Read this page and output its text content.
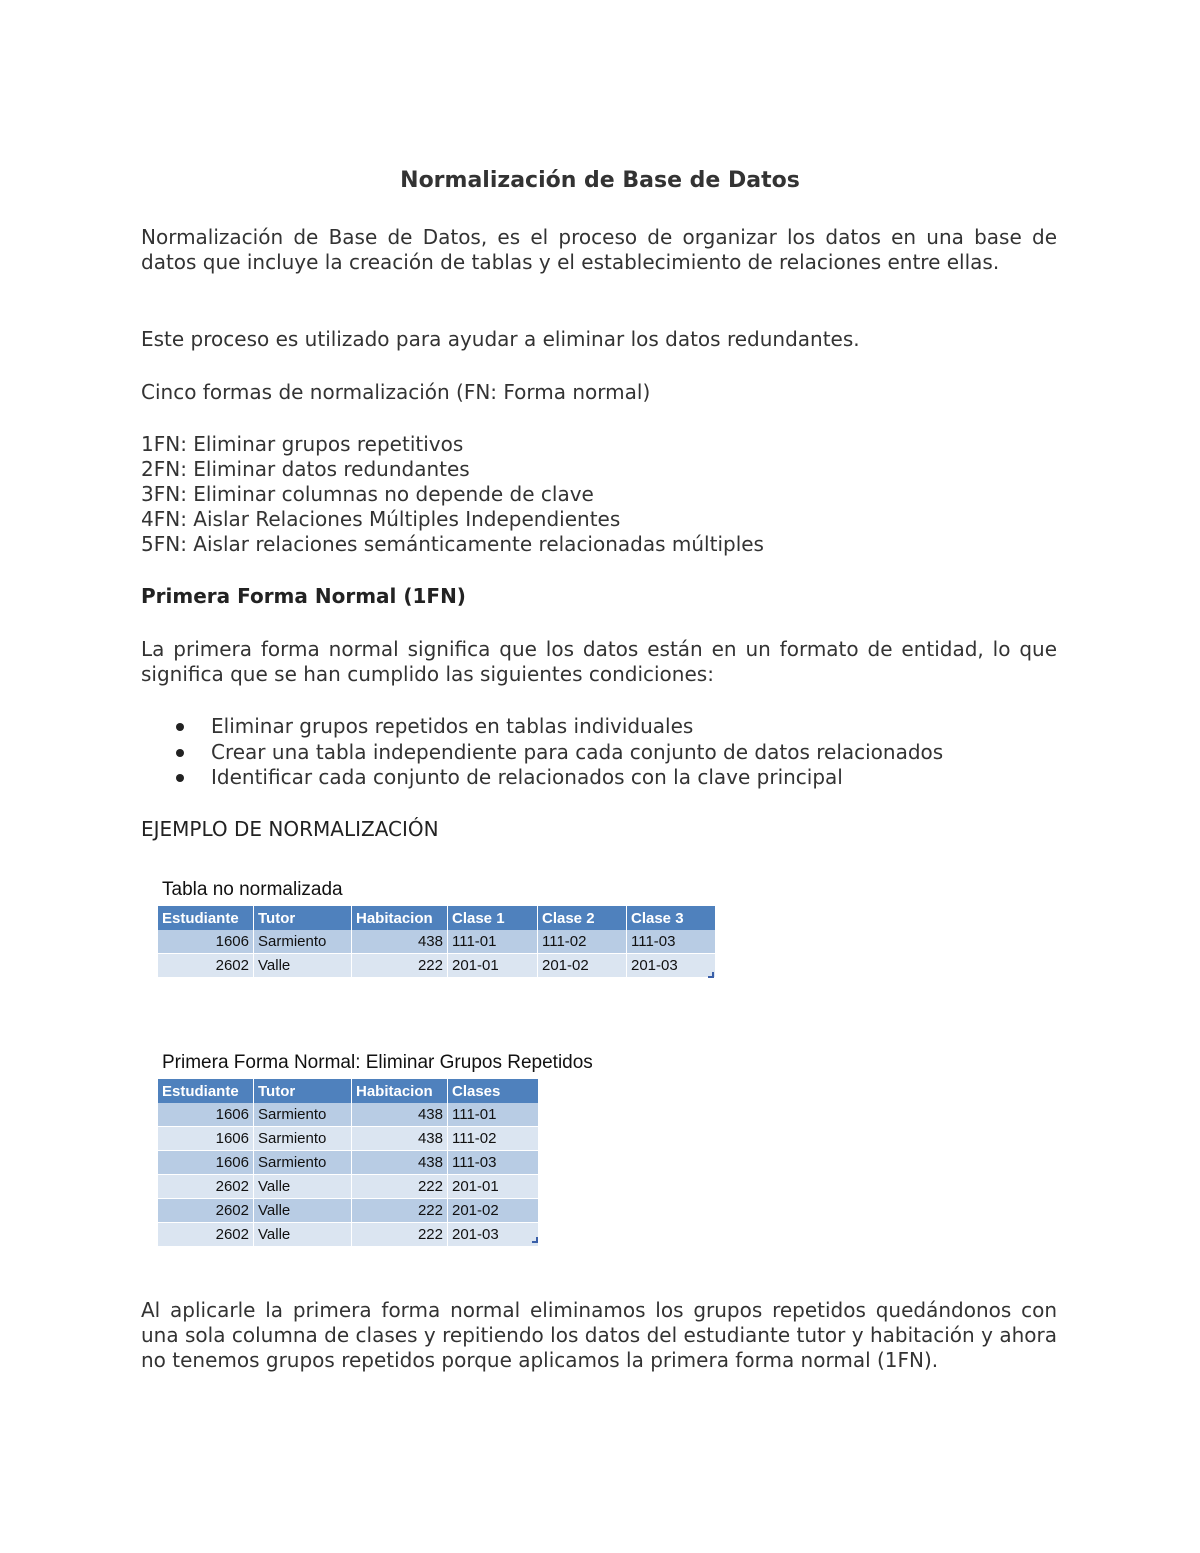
Normalización de Base de Datos

Normalización de Base de Datos, es el proceso de organizar los datos en una base de datos que incluye la creación de tablas y el establecimiento de relaciones entre ellas.

Este proceso es utilizado para ayudar a eliminar los datos redundantes.

Cinco formas de normalización (FN: Forma normal)

1FN: Eliminar grupos repetitivos
2FN: Eliminar datos redundantes
3FN: Eliminar columnas no depende de clave
4FN: Aislar Relaciones Múltiples Independientes
5FN: Aislar relaciones semánticamente relacionadas múltiples
Primera Forma Normal (1FN)

La primera forma normal significa que los datos están en un formato de entidad, lo que significa que se han cumplido las siguientes condiciones:

Eliminar grupos repetidos en tablas individuales
Crear una tabla independiente para cada conjunto de datos relacionados
Identificar cada conjunto de relacionados con la clave principal

EJEMPLO DE NORMALIZACIÓN

Tabla no normalizada
Estudiante	Tutor	Habitacion	Clase 1	Clase 2	Clase 3
1606	Sarmiento	438	111-01	111-02	111-03
2602	Valle	222	201-01	201-02	201-03
Primera Forma Normal: Eliminar Grupos Repetidos
Estudiante	Tutor	Habitacion	Clases
1606	Sarmiento	438	111-01
1606	Sarmiento	438	111-02
1606	Sarmiento	438	111-03
2602	Valle	222	201-01
2602	Valle	222	201-02
2602	Valle	222	201-03

Al aplicarle la primera forma normal eliminamos los grupos repetidos quedándonos con una sola columna de clases y repitiendo los datos del estudiante tutor y habitación y ahora no tenemos grupos repetidos porque aplicamos la primera forma normal (1FN).
